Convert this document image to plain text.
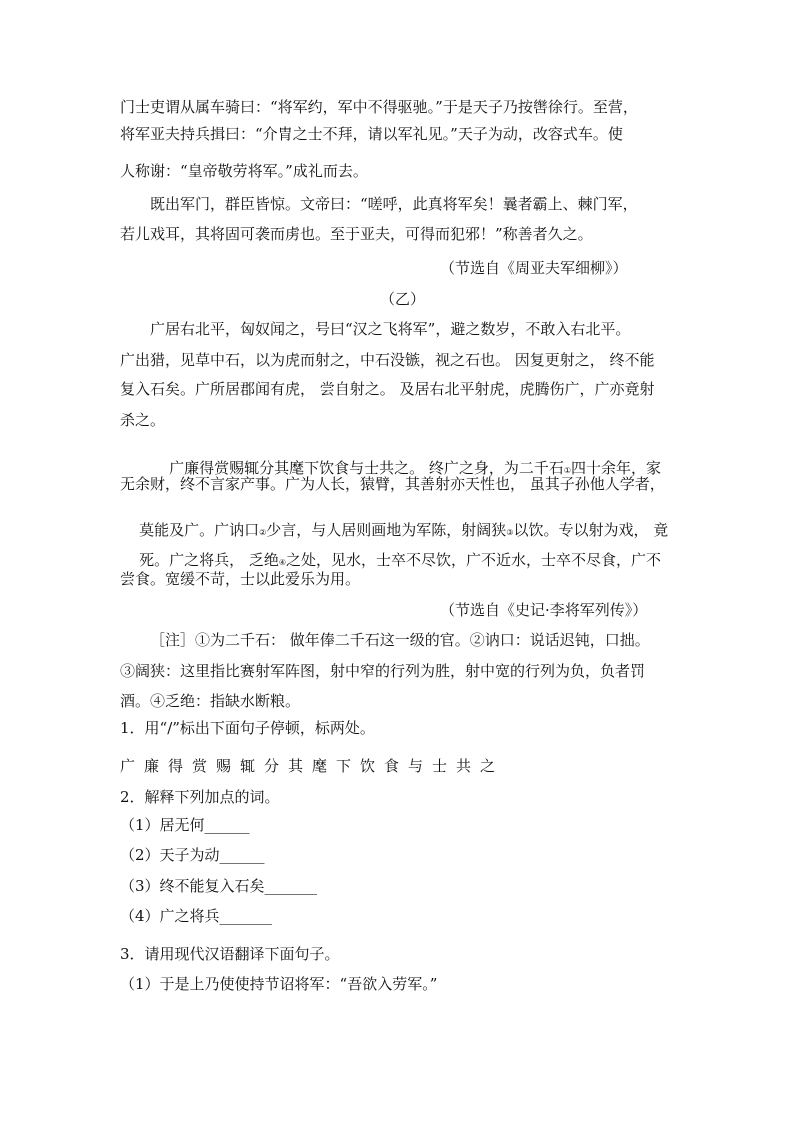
门士吏谓从属车骑曰：“将军约，军中不得驱驰。”于是天子乃按辔徐行。至营，
将军亚夫持兵揖曰：“介胄之士不拜，请以军礼见。”天子为动，改容式车。使
人称谢：“皇帝敬劳将军。”成礼而去。
既出军门，群臣皆惊。文帝曰：“嗟呼，此真将军矣！曩者霸上、棘门军，
若儿戏耳，其将固可袭而虏也。至于亚夫，可得而犯邪！”称善者久之。
（节选自《周亚夫军细柳》）
（乙）
广居右北平，匈奴闻之，号曰“汉之飞将军”，避之数岁，不敢入右北平。
广出猎，见草中石，以为虎而射之，中石没镞，视之石也。 因复更射之， 终不能
复入石矣。广所居郡闻有虎， 尝自射之。 及居右北平射虎，虎腾伤广，广亦竟射
杀之。

广廉得赏赐辄分其麾下饮食与士共之。 终广之身，为二千石①四十余年，家

无余财，终不言家产事。广为人长，猿臂，其善射亦天性也， 虽其子孙他人学者，

莫能及广。广讷口②少言，与人居则画地为军陈，射阔狭③以饮。专以射为戏， 竟

死。广之将兵， 乏绝④之处，见水，士卒不尽饮，广不近水，士卒不尽食，广不

尝食。宽缓不苛，士以此爱乐为用。
（节选自《史记·李将军列传》）
［注］①为二千石： 做年俸二千石这一级的官。②讷口：说话迟钝，口拙。
③阔狭：这里指比赛射军阵图，射中窄的行列为胜，射中宽的行列为负，负者罚
酒。④乏绝：指缺水断粮。
1．用“/”标出下面句子停顿，标两处。
广廉得赏赐辄分其麾下饮食与士共之
2．解释下列加点的词。
（1）居无何______
（2）天子为动______
（3）终不能复入石矣_______
（4）广之将兵_______
3．请用现代汉语翻译下面句子。
（1）于是上乃使使持节诏将军：“吾欲入劳军。”
